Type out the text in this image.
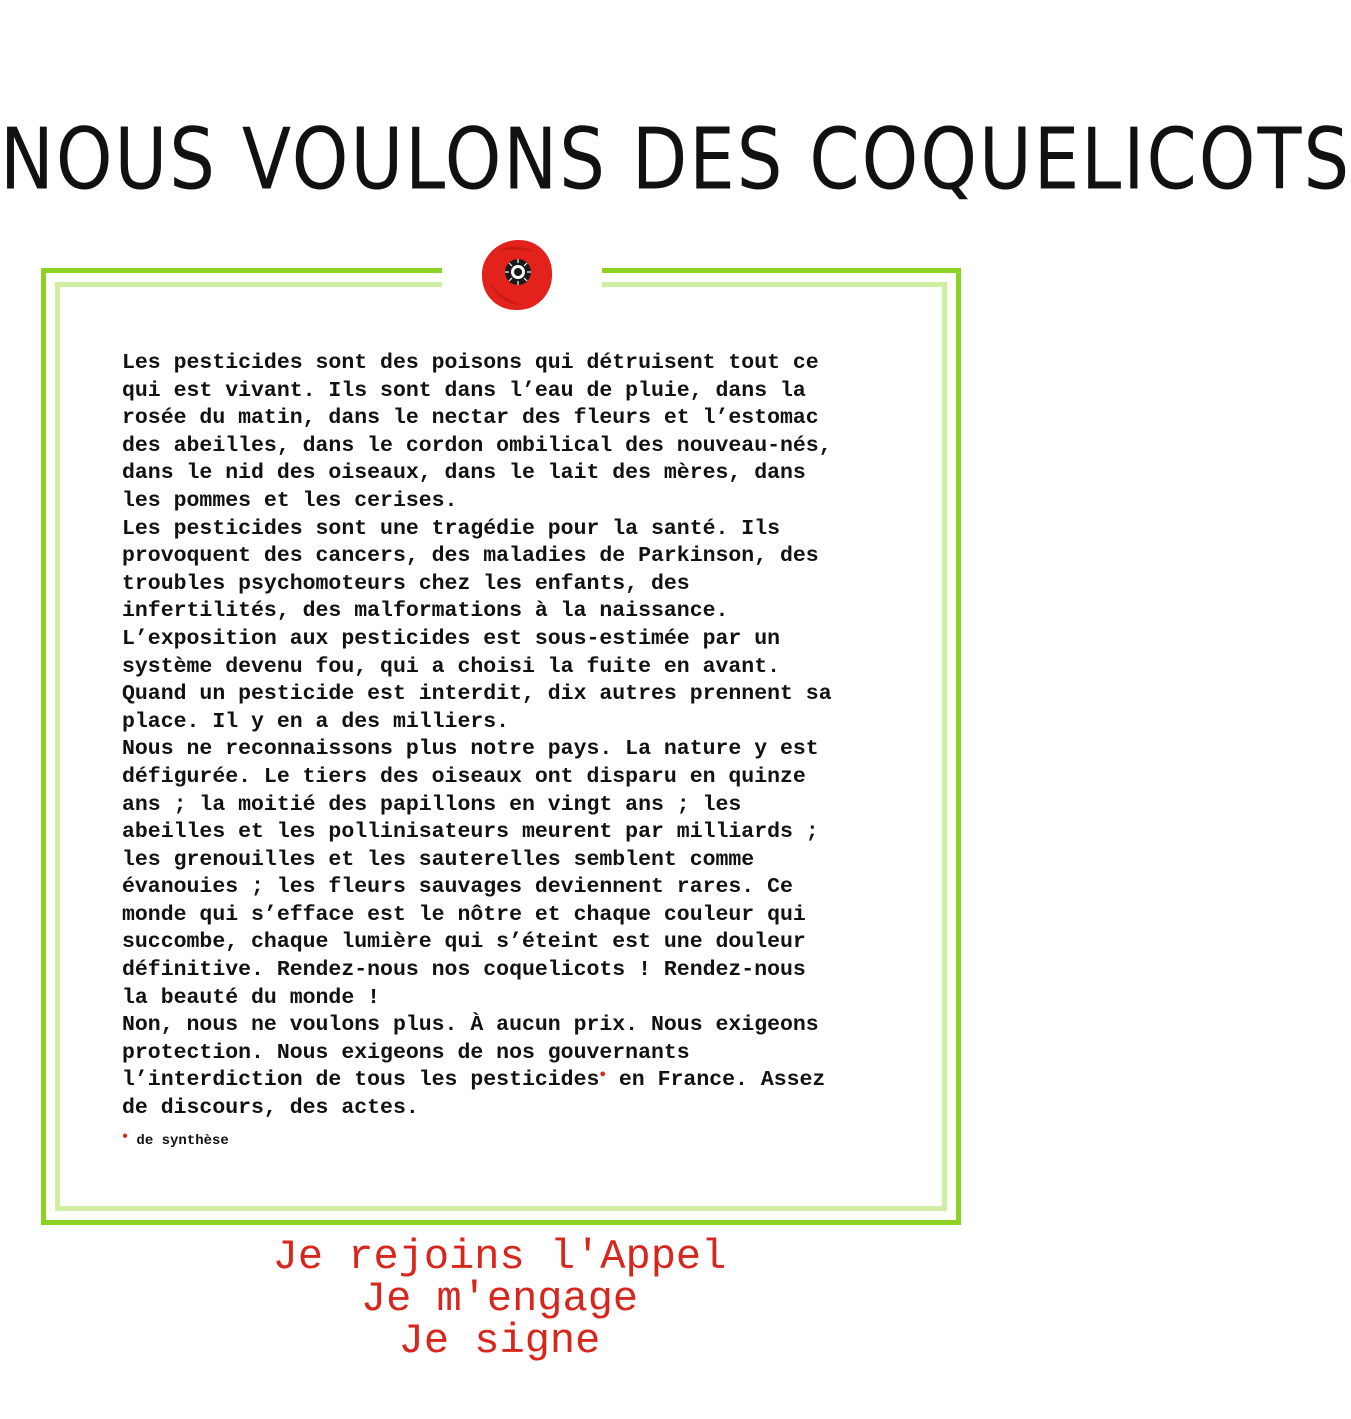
NOUS VOULONS DES COQUELICOTS

Les pesticides sont des poisons qui détruisent tout ce

qui est vivant. Ils sont dans l’eau de pluie, dans la

rosée du matin, dans le nectar des fleurs et l’estomac

des abeilles, dans le cordon ombilical des nouveau-nés,

dans le nid des oiseaux, dans le lait des mères, dans

les pommes et les cerises.

Les pesticides sont une tragédie pour la santé. Ils

provoquent des cancers, des maladies de Parkinson, des

troubles psychomoteurs chez les enfants, des

infertilités, des malformations à la naissance.

L’exposition aux pesticides est sous-estimée par un

système devenu fou, qui a choisi la fuite en avant.

Quand un pesticide est interdit, dix autres prennent sa

place. Il y en a des milliers.

Nous ne reconnaissons plus notre pays. La nature y est

défigurée. Le tiers des oiseaux ont disparu en quinze

ans ; la moitié des papillons en vingt ans ; les

abeilles et les pollinisateurs meurent par milliards ;

les grenouilles et les sauterelles semblent comme

évanouies ; les fleurs sauvages deviennent rares. Ce

monde qui s’efface est le nôtre et chaque couleur qui

succombe, chaque lumière qui s’éteint est une douleur

définitive. Rendez-nous nos coquelicots ! Rendez-nous

la beauté du monde !

Non, nous ne voulons plus. À aucun prix. Nous exigeons

protection. Nous exigeons de nos gouvernants

l’interdiction de tous les pesticides● en France. Assez

de discours, des actes.

● de synthèse
Je rejoins l'Appel
Je m'engage
Je signe
